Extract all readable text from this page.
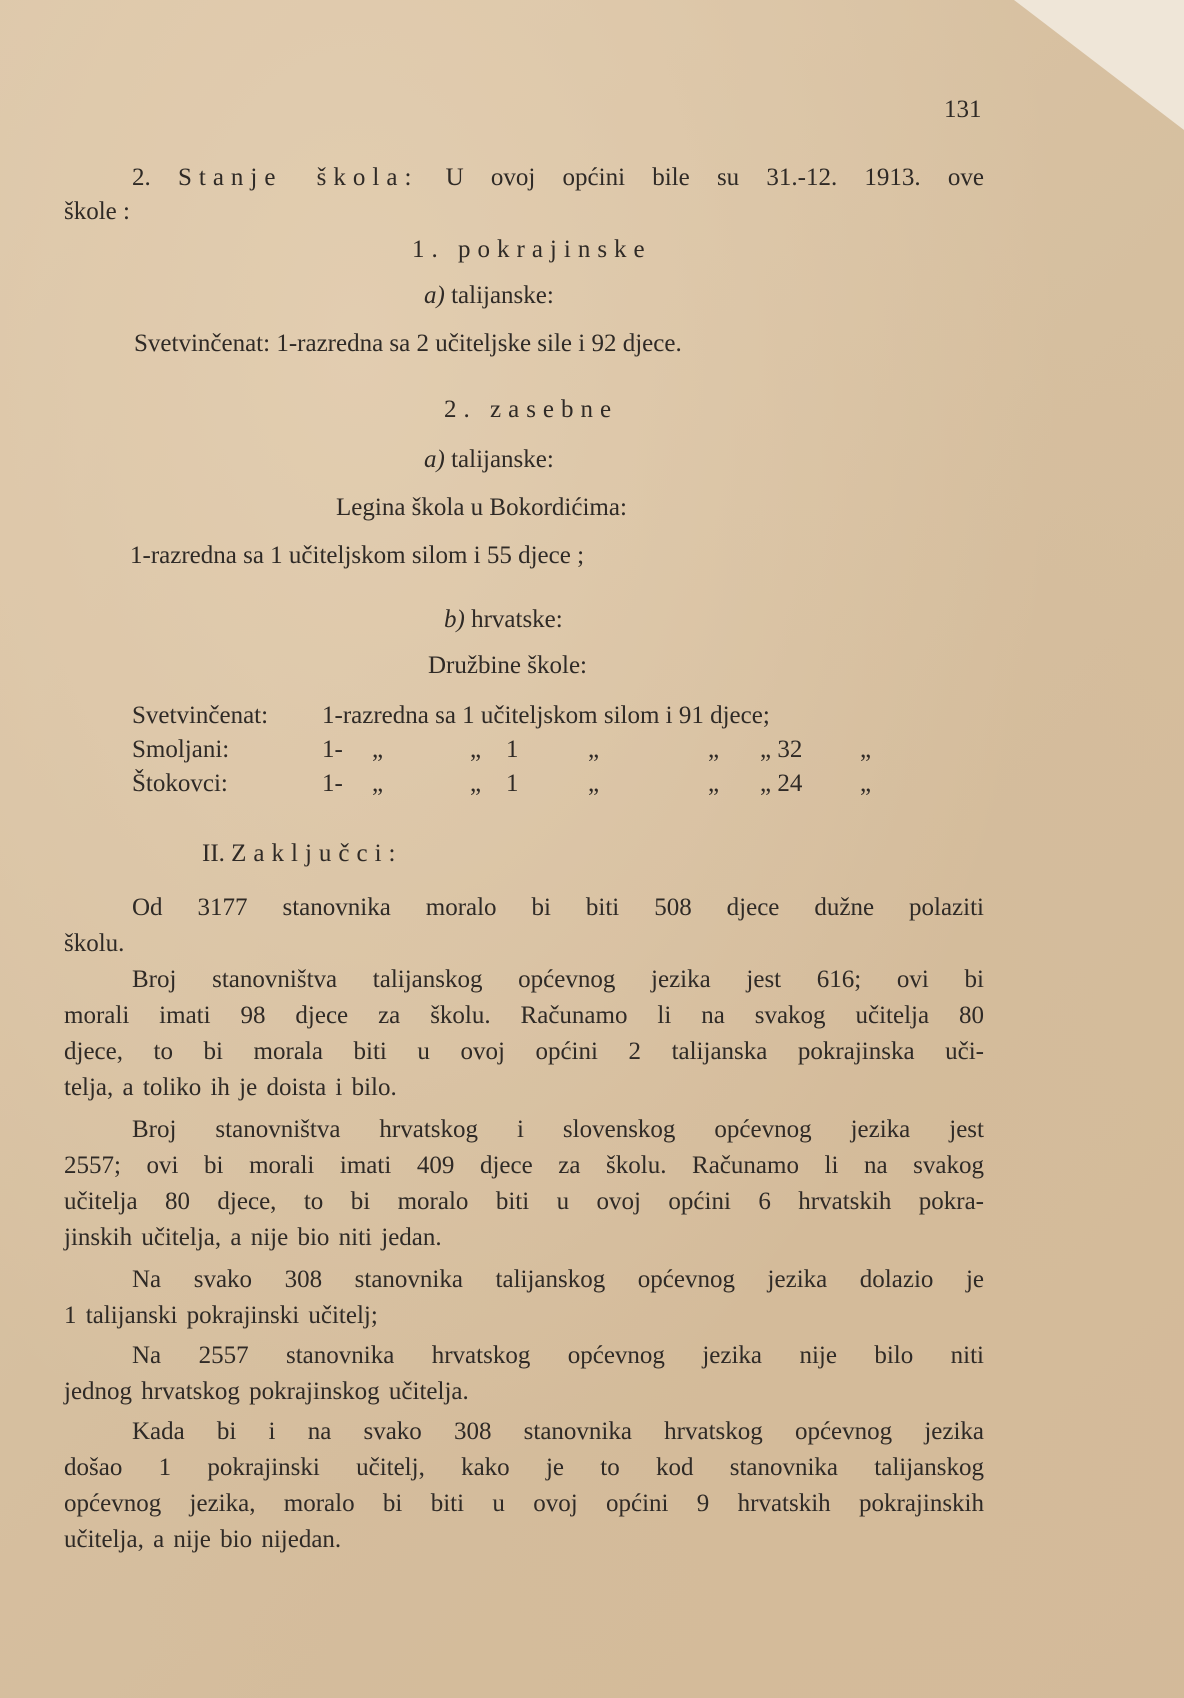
131
2. Stanje škola: U ovoj općini bile su 31.-12. 1913. ove
škole :
1. pokrajinske
a) talijanske:
Svetvinčenat: 1-razredna sa 2 učiteljske sile i 92 djece.
2. zasebne
a) talijanske:
Legina škola u Bokordićima:
1-razredna sa 1 učiteljskom silom i 55 djece ;
b) hrvatske:
Družbine škole:
Svetvinčenat: 1-razredna sa 1 učiteljskom silom i 91 djece;
Smoljani:	1- „	„ 1	„	„ „ 32 „
Štokovci:	1- „	„ 1	„	„ „ 24 „
II. Zaključci:
Od 3177 stanovnika moralo bi biti 508 djece dužne polaziti
školu.
Broj stanovništva talijanskog općevnog jezika jest 616; ovi bi
morali imati 98 djece za školu. Računamo li na svakog učitelja 80
djece, to bi morala biti u ovoj općini 2 talijanska pokrajinska uči-
telja, a toliko ih je doista i bilo.
Broj stanovništva hrvatskog i slovenskog općevnog jezika jest
2557; ovi bi morali imati 409 djece za školu. Računamo li na svakog
učitelja 80 djece, to bi moralo biti u ovoj općini 6 hrvatskih pokra-
jinskih učitelja, a nije bio niti jedan.
Na svako 308 stanovnika talijanskog općevnog jezika dolazio je
1 talijanski pokrajinski učitelj;
Na 2557 stanovnika hrvatskog općevnog jezika nije bilo niti
jednog hrvatskog pokrajinskog učitelja.
Kada bi i na svako 308 stanovnika hrvatskog općevnog jezika
došao 1 pokrajinski učitelj, kako je to kod stanovnika talijanskog
općevnog jezika, moralo bi biti u ovoj općini 9 hrvatskih pokrajinskih
učitelja, a nije bio nijedan.
